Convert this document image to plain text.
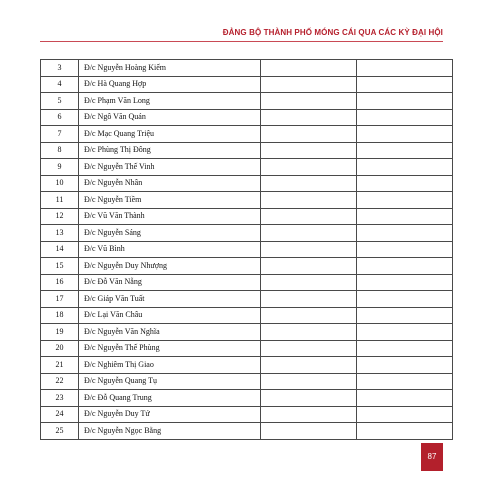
ĐẢNG BỘ THÀNH PHỐ MÓNG CÁI QUA CÁC KỲ ĐẠI HỘI
3	Đ/c Nguyễn Hoàng Kiếm		
4	Đ/c Hà Quang Hợp		
5	Đ/c Phạm Văn Long		
6	Đ/c Ngô Văn Quán		
7	Đ/c Mạc Quang Triệu		
8	Đ/c Phùng Thị Đông		
9	Đ/c Nguyễn Thế Vinh		
10	Đ/c Nguyễn Nhân		
11	Đ/c Nguyễn Tiềm		
12	Đ/c Vũ Văn Thành		
13	Đ/c Nguyễn Sáng		
14	Đ/c Vũ Bình		
15	Đ/c Nguyễn Duy Nhượng		
16	Đ/c Đỗ Văn Nẵng		
17	Đ/c Giáp Văn Tuất		
18	Đ/c Lại Văn Châu		
19	Đ/c Nguyễn Văn Nghĩa		
20	Đ/c Nguyễn Thế Phùng		
21	Đ/c Nghiêm Thị Giao		
22	Đ/c Nguyễn Quang Tụ		
23	Đ/c Đỗ Quang Trung		
24	Đ/c Nguyễn Duy Tứ		
25	Đ/c Nguyễn Ngọc Bằng		
87
